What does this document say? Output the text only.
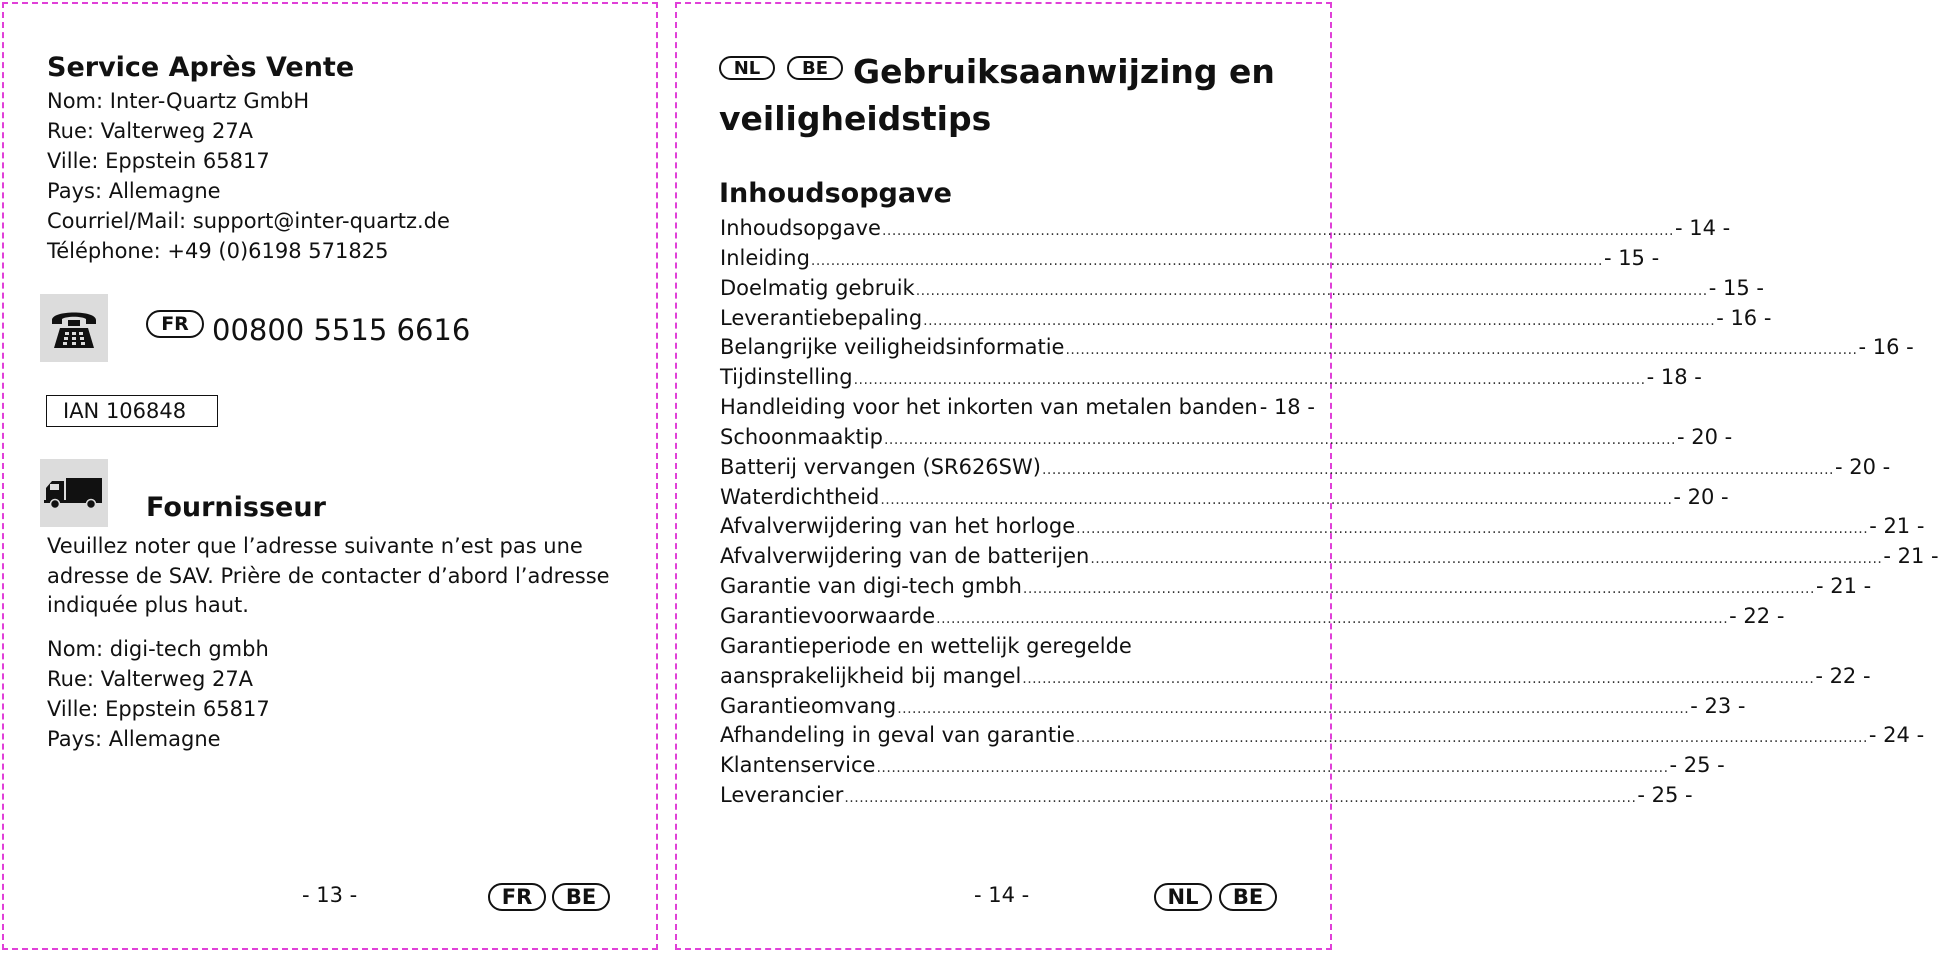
Service Après Vente
Nom: Inter-Quartz GmbH
Rue: Valterweg 27A
Ville: Eppstein 65817
Pays: Allemagne
Courriel/Mail: support@inter-quartz.de
Téléphone: +49 (0)6198 571825
FR 00800 5515 6616
IAN 106848
Fournisseur
Veuillez noter que l’adresse suivante n’est pas une
adresse de SAV. Prière de contacter d’abord l’adresse
indiquée plus haut.
Nom: digi-tech gmbh
Rue: Valterweg 27A
Ville: Eppstein 65817
Pays: Allemagne
- 13 -	FR	BE
NL	BE Gebruiksaanwijzing en
veiligheidstips
Inhoudsopgave
Inhoudsopgave ................................................................................................................................................................ - 14 -
Inleiding ................................................................................................................................................................ - 15 -
Doelmatig gebruik ................................................................................................................................................................ - 15 -
Leverantiebepaling ................................................................................................................................................................ - 16 -
Belangrijke veiligheidsinformatie ................................................................................................................................................................ - 16 -
Tijdinstelling ................................................................................................................................................................ - 18 -
Handleiding voor het inkorten van metalen banden - 18 -
Schoonmaaktip ................................................................................................................................................................ - 20 -
Batterij vervangen (SR626SW) ................................................................................................................................................................ - 20 -
Waterdichtheid ................................................................................................................................................................ - 20 -
Afvalverwijdering van het horloge ................................................................................................................................................................ - 21 -
Afvalverwijdering van de batterijen ................................................................................................................................................................ - 21 -
Garantie van digi-tech gmbh ................................................................................................................................................................ - 21 -
Garantievoorwaarde ................................................................................................................................................................ - 22 -
Garantieperiode en wettelijk geregelde
aansprakelijkheid bij mangel ................................................................................................................................................................ - 22 -
Garantieomvang ................................................................................................................................................................ - 23 -
Afhandeling in geval van garantie ................................................................................................................................................................ - 24 -
Klantenservice ................................................................................................................................................................ - 25 -
Leverancier ................................................................................................................................................................ - 25 -
- 14 -	NL	BE
